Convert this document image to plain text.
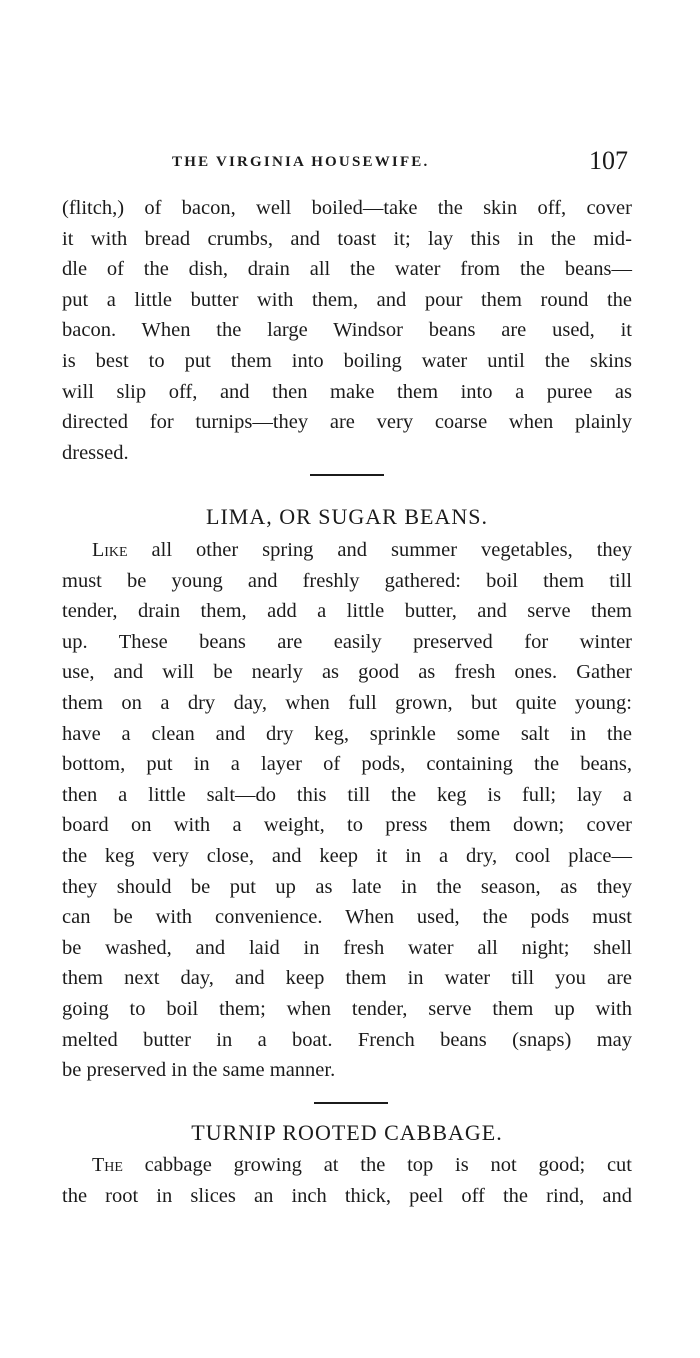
THE VIRGINIA HOUSEWIFE.	107
(flitch,) of bacon, well boiled—take the skin off, cover
it with bread crumbs, and toast it; lay this in the mid-
dle of the dish, drain all the water from the beans—
put a little butter with them, and pour them round the
bacon. When the large Windsor beans are used, it
is best to put them into boiling water until the skins
will slip off, and then make them into a puree as
directed for turnips—they are very coarse when plainly
dressed.
LIMA, OR SUGAR BEANS.
Like all other spring and summer vegetables, they
must be young and freshly gathered: boil them till
tender, drain them, add a little butter, and serve them
up. These beans are easily preserved for winter
use, and will be nearly as good as fresh ones. Gather
them on a dry day, when full grown, but quite young:
have a clean and dry keg, sprinkle some salt in the
bottom, put in a layer of pods, containing the beans,
then a little salt—do this till the keg is full; lay a
board on with a weight, to press them down; cover
the keg very close, and keep it in a dry, cool place—
they should be put up as late in the season, as they
can be with convenience. When used, the pods must
be washed, and laid in fresh water all night; shell
them next day, and keep them in water till you are
going to boil them; when tender, serve them up with
melted butter in a boat. French beans (snaps) may
be preserved in the same manner.
TURNIP ROOTED CABBAGE.
The cabbage growing at the top is not good; cut
the root in slices an inch thick, peel off the rind, and
